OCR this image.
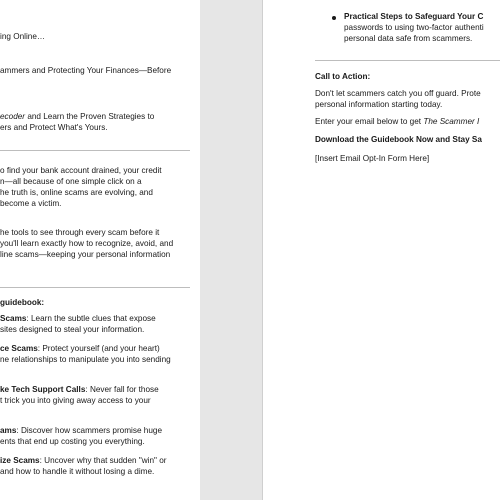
ing Online…
ammers and Protecting Your Finances—Before
ecoder and Learn the Proven Strategies to
ers and Protect What's Yours.
o find your bank account drained, your credit
n—all because of one simple click on a
he truth is, online scams are evolving, and
become a victim.
he tools to see through every scam before it
you'll learn exactly how to recognize, avoid, and
line scams—keeping your personal information
guidebook:
Scams: Learn the subtle clues that expose
sites designed to steal your information.
ce Scams: Protect yourself (and your heart)
ne relationships to manipulate you into sending
ke Tech Support Calls: Never fall for those
t trick you into giving away access to your
ams: Discover how scammers promise huge
ents that end up costing you everything.
ize Scams: Uncover why that sudden "win" or
and how to handle it without losing a dime.
Practical Steps to Safeguard Your C
passwords to using two-factor authenti
personal data safe from scammers.
Call to Action:
Don't let scammers catch you off guard. Prote
personal information starting today.
Enter your email below to get The Scammer I
Download the Guidebook Now and Stay Sa
[Insert Email Opt-In Form Here]
